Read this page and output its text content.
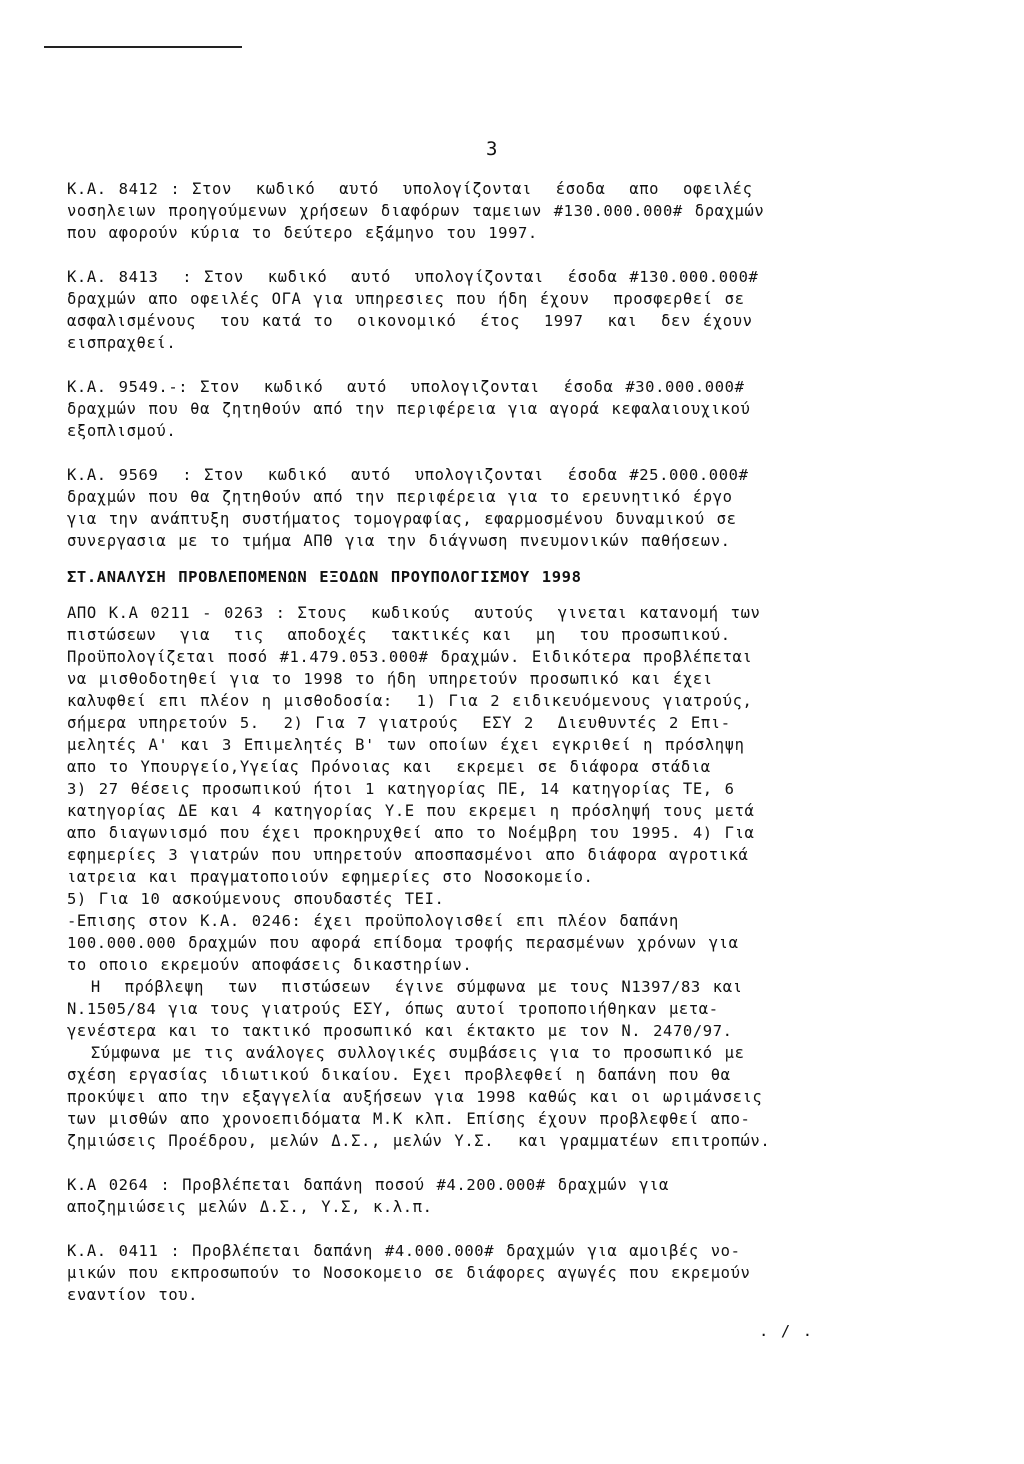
3

Κ.Α. 8412 : Στον  κωδικό  αυτό  υπολογίζονται  έσοδα  απο  οφειλές

νοσηλειων προηγούμενων χρήσεων διαφόρων ταμειων #130.000.000# δραχμών

που αφορούν κύρια το δεύτερο εξάμηνο του 1997.

Κ.Α. 8413  : Στον  κωδικό  αυτό  υπολογίζονται  έσοδα #130.000.000#

δραχμών απο οφειλές ΟΓΑ για υπηρεσιες που ήδη έχουν  προσφερθεί σε

ασφαλισμένους  του κατά το  οικονομικό  έτος  1997  και  δεν έχουν

εισπραχθεί.

Κ.Α. 9549.-: Στον  κωδικό  αυτό  υπολογιζονται  έσοδα #30.000.000#

δραχμών που θα ζητηθούν από την περιφέρεια για αγορά κεφαλαιουχικού

εξοπλισμού.

Κ.Α. 9569  : Στον  κωδικό  αυτό  υπολογιζονται  έσοδα #25.000.000#

δραχμών που θα ζητηθούν από την περιφέρεια για το ερευνητικό έργο

για την ανάπτυξη συστήματος τομογραφίας, εφαρμοσμένου δυναμικού σε

συνεργασια με το τμήμα ΑΠΘ για την διάγνωση πνευμονικών παθήσεων.

ΣΤ.ΑΝΑΛΥΣΗ ΠΡΟΒΛΕΠΟΜΕΝΩΝ ΕΞΟΔΩΝ ΠΡΟΥΠΟΛΟΓΙΣΜΟΥ 1998

ΑΠΟ Κ.Α 0211 - 0263 : Στους  κωδικούς  αυτούς  γινεται κατανομή των

πιστώσεων  για  τις  αποδοχές  τακτικές και  μη  του προσωπικού.

Προϋπολογίζεται ποσό #1.479.053.000# δραχμών. Ειδικότερα προβλέπεται

να μισθοδοτηθεί για το 1998 το ήδη υπηρετούν προσωπικό και έχει

καλυφθεί επι πλέον η μισθοδοσία:  1) Για 2 ειδικευόμενους γιατρούς,

σήμερα υπηρετούν 5.  2) Για 7 γιατρούς  ΕΣΥ 2  Διευθυντές 2 Επι-

μελητές Α' και 3 Επιμελητές Β' των οποίων έχει εγκριθεί η πρόσληψη

απο το Υπουργείο,Υγείας Πρόνοιας και  εκρεμει σε διάφορα στάδια

3) 27 θέσεις προσωπικού ήτοι 1 κατηγορίας ΠΕ, 14 κατηγορίας ΤΕ, 6

κατηγορίας ΔΕ και 4 κατηγορίας Υ.Ε που εκρεμει η πρόσληψή τους μετά

απο διαγωνισμό που έχει προκηρυχθεί απο το Νοέμβρη του 1995. 4) Για

εφημερίες 3 γιατρών που υπηρετούν αποσπασμένοι απο διάφορα αγροτικά

ιατρεια και πραγματοποιούν εφημερίες στο Νοσοκομείο.

5) Για 10 ασκούμενους σπουδαστές ΤΕΙ.

-Επισης στον Κ.Α. 0246: έχει προϋπολογισθεί επι πλέον δαπάνη

100.000.000 δραχμών που αφορά επίδομα τροφής περασμένων χρόνων για

το οποιο εκρεμούν αποφάσεις δικαστηρίων.

Η  πρόβλεψη  των  πιστώσεων  έγινε σύμφωνα με τους Ν1397/83 και

Ν.1505/84 για τους γιατρούς ΕΣΥ, όπως αυτοί τροποποιήθηκαν μετα-

γενέστερα και το τακτικό προσωπικό και έκτακτο με τον Ν. 2470/97.

Σύμφωνα με τις ανάλογες συλλογικές συμβάσεις για το προσωπικό με

σχέση εργασίας ιδιωτικού δικαίου. Εχει προβλεφθεί η δαπάνη που θα

προκύψει απο την εξαγγελία αυξήσεων για 1998 καθώς και οι ωριμάνσεις

των μισθών απο χρονοεπιδόματα Μ.Κ κλπ. Επίσης έχουν προβλεφθεί απο-

ζημιώσεις Προέδρου, μελών Δ.Σ., μελών Υ.Σ.  και γραμματέων επιτροπών.

Κ.Α 0264 : Προβλέπεται δαπάνη ποσού #4.200.000# δραχμών για

αποζημιώσεις μελών Δ.Σ., Υ.Σ, κ.λ.π.

Κ.Α. 0411 : Προβλέπεται δαπάνη #4.000.000# δραχμών για αμοιβές νο-

μικών που εκπροσωπούν το Νοσοκομειο σε διάφορες αγωγές που εκρεμούν

εναντίον του.

. / .
